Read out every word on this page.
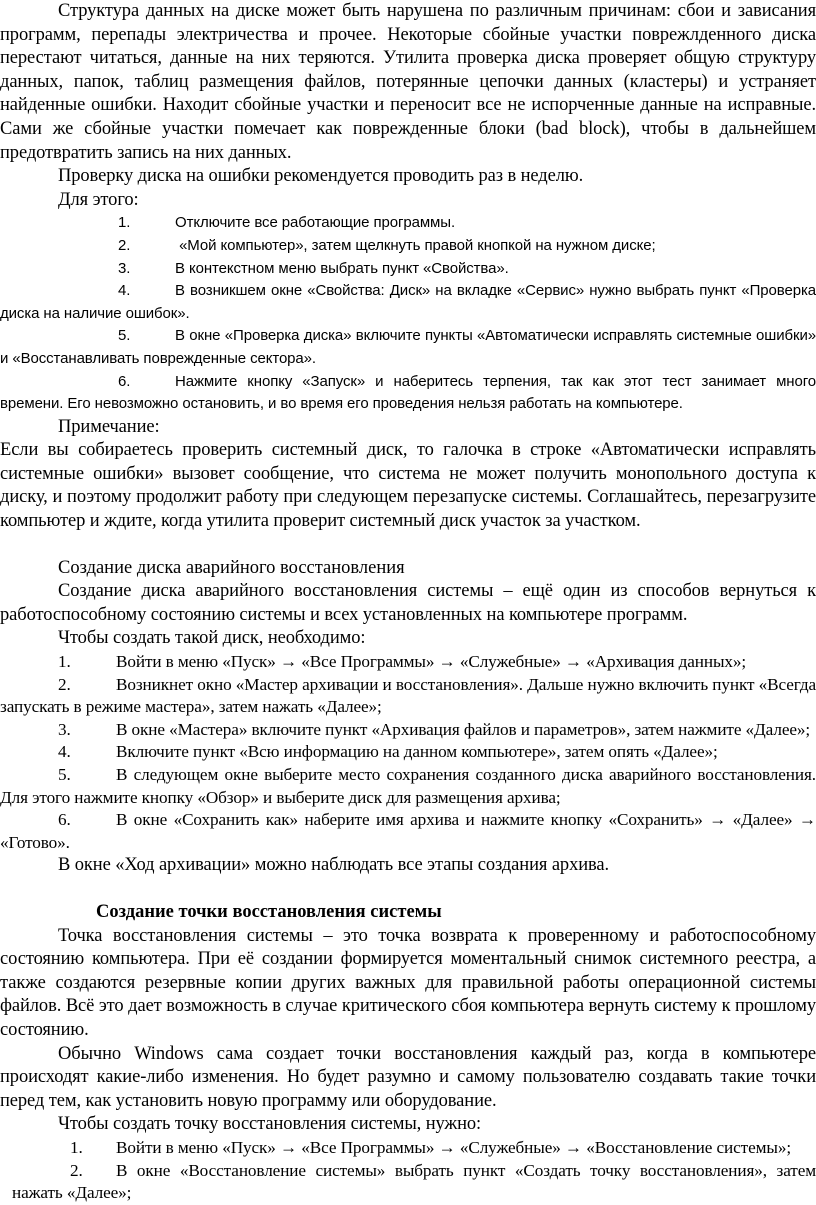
Структура данных на диске может быть нарушена по различным причинам: сбои и зависания программ, перепады электричества и прочее. Некоторые сбойные участки поврежлденного диска перестают читаться, данные на них теряются. Утилита проверка диска проверяет общую структуру данных, папок, таблиц размещения файлов, потерянные цепочки данных (кластеры) и устраняет найденные ошибки. Находит сбойные участки и переносит все не испорченные данные на исправные. Сами же сбойные участки помечает как поврежденные блоки (bad block), чтобы в дальнейшем предотвратить запись на них данных.

Проверку диска на ошибки рекомендуется проводить раз в неделю.

Для этого:

1.	Отключите все работающие программы.

2.	«Мой компьютер», затем щелкнуть правой кнопкой на нужном диске;

3.	В контекстном меню выбрать пункт «Свойства».

4.	В возникшем окне «Свойства: Диск» на вкладке «Сервис» нужно выбрать пункт «Проверка диска на наличие ошибок».

5.	В окне «Проверка диска» включите пункты «Автоматически исправлять системные ошибки» и «Восстанавливать поврежденные сектора».

6.	Нажмите кнопку «Запуск» и наберитесь терпения, так как этот тест занимает много времени. Его невозможно остановить, и во время его проведения нельзя работать на компьютере.

Примечание:

Если вы собираетесь проверить системный диск, то галочка в строке «Автоматически исправлять системные ошибки» вызовет сообщение, что система не может получить монопольного доступа к диску, и поэтому продолжит работу при следующем перезапуске системы. Соглашайтесь, перезагрузите компьютер и ждите, когда утилита проверит системный диск участок за участком.

Создание диска аварийного восстановления

Создание диска аварийного восстановления системы – ещё один из способов вернуться к работоспособному состоянию системы и всех установленных на компьютере программ.

Чтобы создать такой диск, необходимо:

1.	Войти в меню «Пуск» → «Все Программы» → «Служебные» → «Архивация данных»;

2.	Возникнет окно «Мастер архивации и восстановления». Дальше нужно включить пункт «Всегда запускать в режиме мастера», затем нажать «Далее»;

3.	В окне «Мастера» включите пункт «Архивация файлов и параметров», затем нажмите «Далее»;

4.	Включите пункт «Всю информацию на данном компьютере», затем опять «Далее»;

5.	В следующем окне выберите место сохранения созданного диска аварийного восстановления. Для этого нажмите кнопку «Обзор» и выберите диск для размещения архива;

6.	В окне «Сохранить как» наберите имя архива и нажмите кнопку «Сохранить» → «Далее» → «Готово».

В окне «Ход архивации» можно наблюдать все этапы создания архива.

Создание точки восстановления системы

Точка восстановления системы – это точка возврата к проверенному и работоспособному состоянию компьютера. При её создании формируется моментальный снимок системного реестра, а также создаются резервные копии других важных для правильной работы операционной системы файлов. Всё это дает возможность в случае критического сбоя компьютера вернуть систему к прошлому состоянию.

Обычно Windows сама создает точки восстановления каждый раз, когда в компьютере происходят какие-либо изменения. Но будет разумно и самому пользователю создавать такие точки перед тем, как установить новую программу или оборудование.

Чтобы создать точку восстановления системы, нужно:

1. Войти в меню «Пуск» → «Все Программы» → «Служебные» → «Восстановление системы»;

2. В окне «Восстановление системы» выбрать пункт «Создать точку восстановления», затем нажать «Далее»;
